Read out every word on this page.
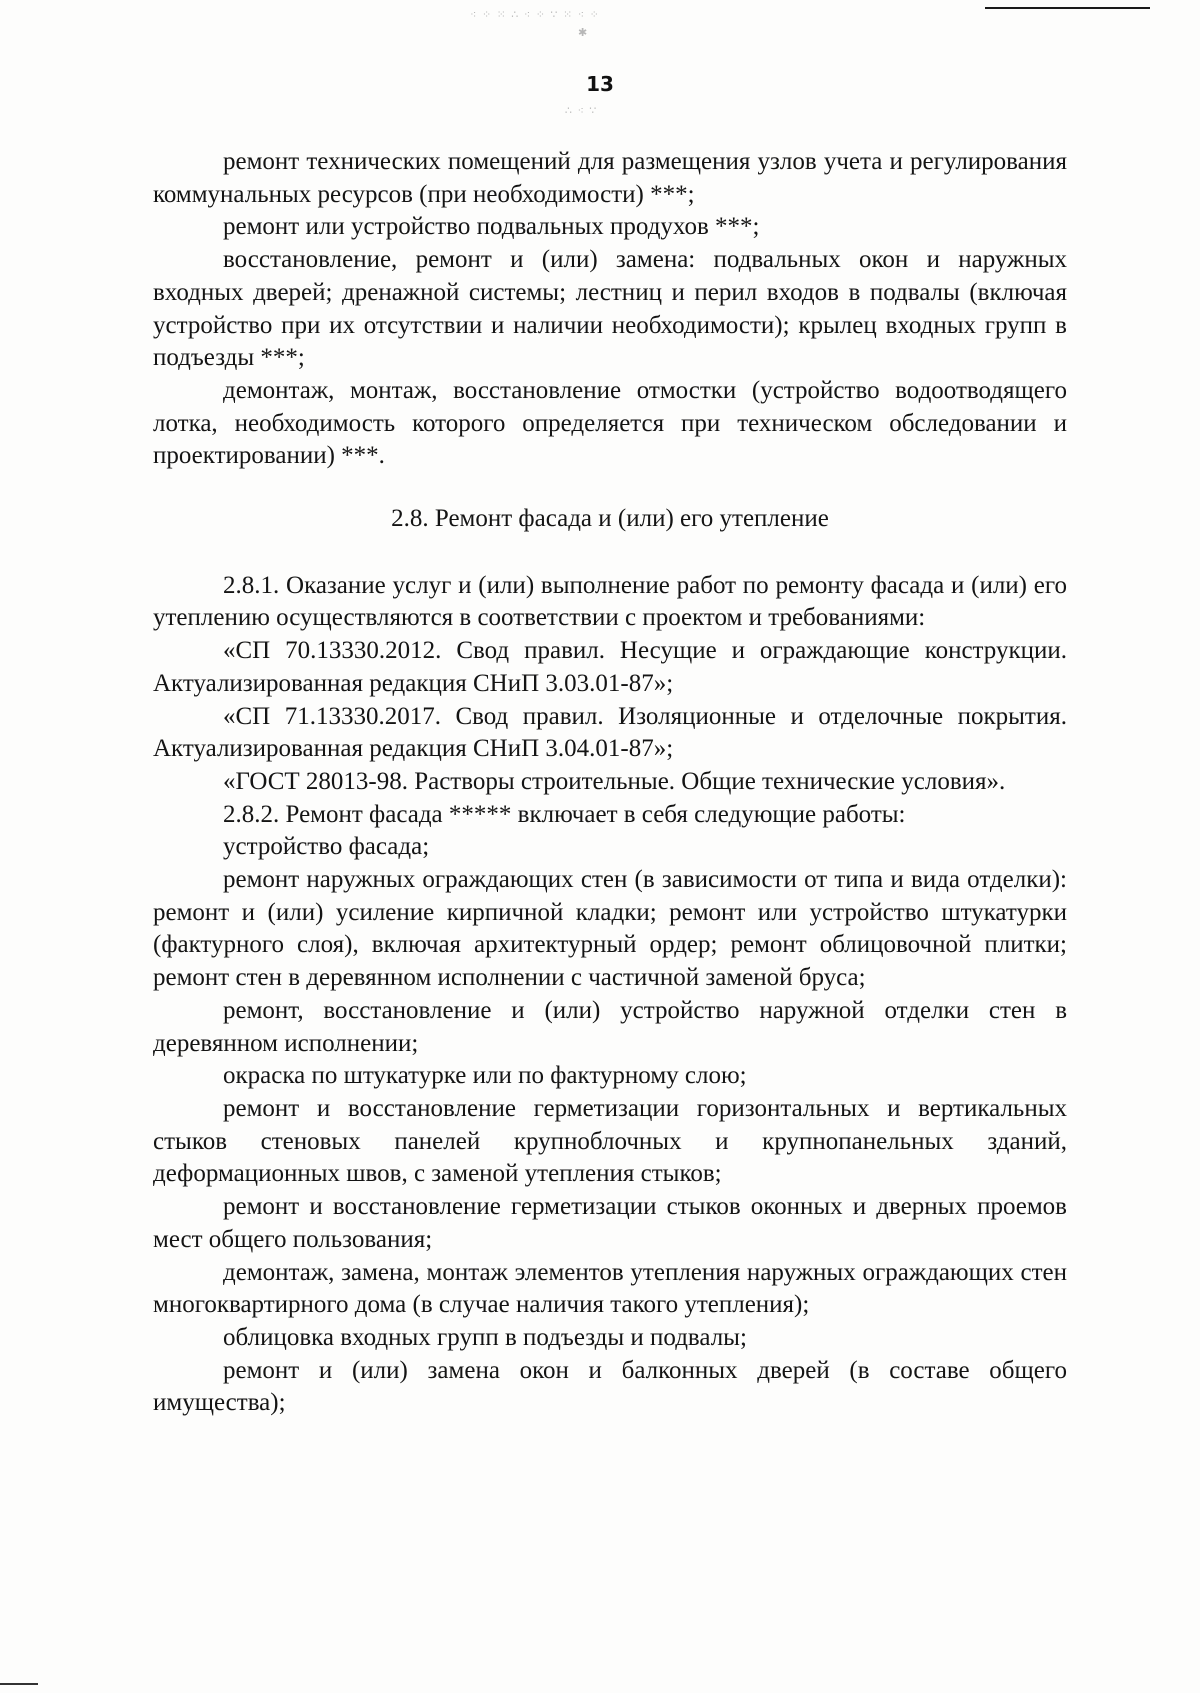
⁖ ⁘ ⁙ ∴ ⁖ ⁘ ∵ ⁙ ⁖ ⁘
✱
∴ ⁖ ∵
13

ремонт технических помещений для размещения узлов учета и регулирования коммунальных ресурсов (при необходимости) ***;

ремонт или устройство подвальных продухов ***;

восстановление, ремонт и (или) замена: подвальных окон и наружных входных дверей; дренажной системы; лестниц и перил входов в подвалы (включая устройство при их отсутствии и наличии необходимости); крылец входных групп в подъезды ***;

демонтаж, монтаж, восстановление отмостки (устройство водоотводящего лотка, необходимость которого определяется при техническом обследовании и проектировании) ***.

2.8. Ремонт фасада и (или) его утепление

2.8.1. Оказание услуг и (или) выполнение работ по ремонту фасада и (или) его утеплению осуществляются в соответствии с проектом и требованиями:

«СП 70.13330.2012. Свод правил. Несущие и ограждающие конструкции. Актуализированная редакция СНиП 3.03.01-87»;

«СП 71.13330.2017. Свод правил. Изоляционные и отделочные покрытия. Актуализированная редакция СНиП 3.04.01-87»;

«ГОСТ 28013-98. Растворы строительные. Общие технические условия».

2.8.2. Ремонт фасада ***** включает в себя следующие работы:

устройство фасада;

ремонт наружных ограждающих стен (в зависимости от типа и вида отделки): ремонт и (или) усиление кирпичной кладки; ремонт или устройство штукатурки (фактурного слоя), включая архитектурный ордер; ремонт облицовочной плитки; ремонт стен в деревянном исполнении с частичной заменой бруса;

ремонт, восстановление и (или) устройство наружной отделки стен в деревянном исполнении;

окраска по штукатурке или по фактурному слою;

ремонт и восстановление герметизации горизонтальных и вертикальных стыков стеновых панелей крупноблочных и крупнопанельных зданий, деформационных швов, с заменой утепления стыков;

ремонт и восстановление герметизации стыков оконных и дверных проемов мест общего пользования;

демонтаж, замена, монтаж элементов утепления наружных ограждающих стен многоквартирного дома (в случае наличия такого утепления);

облицовка входных групп в подъезды и подвалы;

ремонт и (или) замена окон и балконных дверей (в составе общего имущества);
